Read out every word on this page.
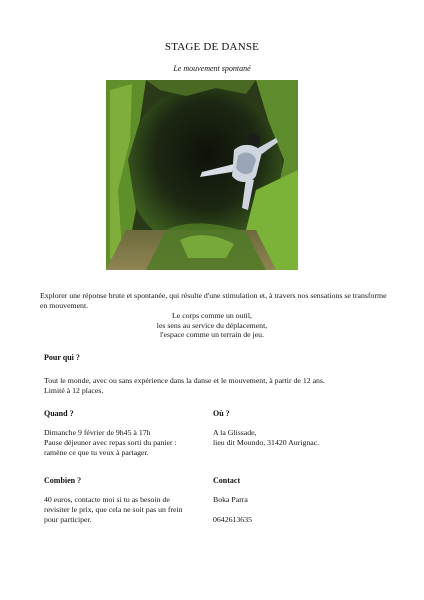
STAGE DE DANSE
Le mouvement spontané
Explorer une réponse brute et spontanée, qui résulte d'une stimulation et, à travers nos sensations se transforme en mouvement.
Le corps comme un outil,
les sens au service du déplacement,
l'espace comme un terrain de jeu.
Pour qui ?
Tout le monde, avec ou sans expérience dans la danse et le mouvement, à partir de 12 ans.
Limité à 12 places.
Quand ?
Dimanche 9 février de 9h45 à 17h
Pause déjeuner avec repas sorti du panier :
ramène ce que tu veux à partager.
Où ?
A la Glissade,
lieu dit Moundo, 31420 Aurignac.
Combien ?
40 euros, contacte moi si tu as besoin de
revisiter le prix, que cela ne soit pas un frein
pour participer.
Contact
Boka Parra
0642613635
